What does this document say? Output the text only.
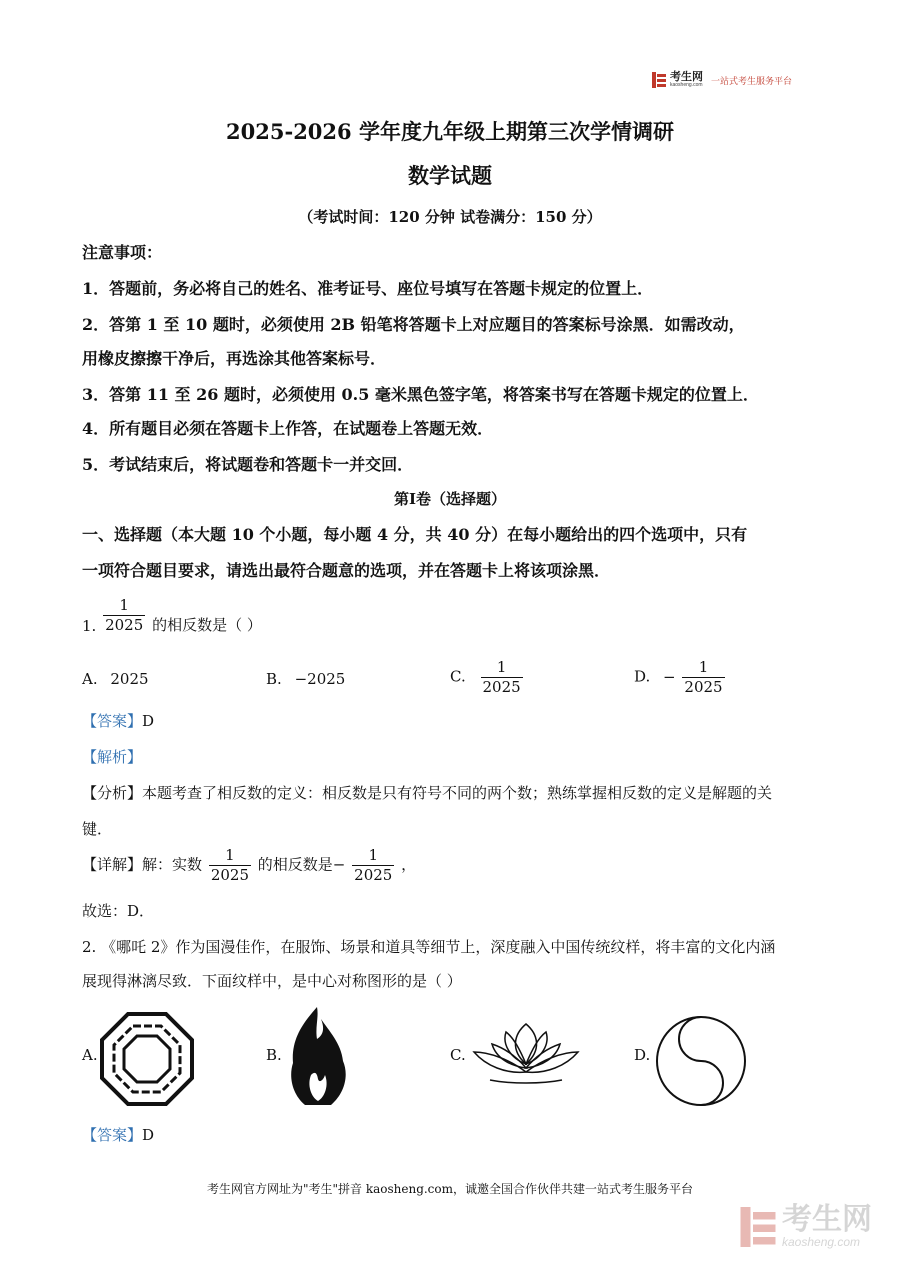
考生网
kaosheng.com 一站式考生服务平台
2025-2026 学年度九年级上期第三次学情调研
数学试题
（考试时间：120 分钟 试卷满分：150 分）
注意事项：
1．答题前，务必将自己的姓名、准考证号、座位号填写在答题卡规定的位置上．
2．答第 1 至 10 题时，必须使用 2B 铅笔将答题卡上对应题目的答案标号涂黑．如需改动，
用橡皮擦擦干净后，再选涂其他答案标号．
3．答第 11 至 26 题时，必须使用 0.5 毫米黑色签字笔，将答案书写在答题卡规定的位置上．
4．所有题目必须在答题卡上作答，在试题卷上答题无效．
5．考试结束后，将试题卷和答题卡一并交回．
第Ⅰ卷（选择题）
一、选择题（本大题 10 个小题，每小题 4 分，共 40 分）在每小题给出的四个选项中，只有
一项符合题目要求，请选出最符合题意的选项，并在答题卡上将该项涂黑．
1. $\frac{1}{2025}$ 的相反数是（ ）
A. 2025	B. −2025	C. $\frac{1}{2025}$	D. − $\frac{1}{2025}$
【答案】D
【解析】
【分析】本题考查了相反数的定义：相反数是只有符号不同的两个数；熟练掌握相反数的定义是解题的关
键．
【详解】解：实数 $\frac{1}{2025}$ 的相反数是− $\frac{1}{2025}$ ，
故选：D．
2. 《哪吒 2》作为国漫佳作，在服饰、场景和道具等细节上，深度融入中国传统纹样，将丰富的文化内涵
展现得淋漓尽致．下面纹样中，是中心对称图形的是（ ）
A.	B.	C.	D.
【答案】D
考生网官方网址为"考生"拼音 kaosheng.com，诚邀全国合作伙伴共建一站式考生服务平台
考生网
kaosheng.com
